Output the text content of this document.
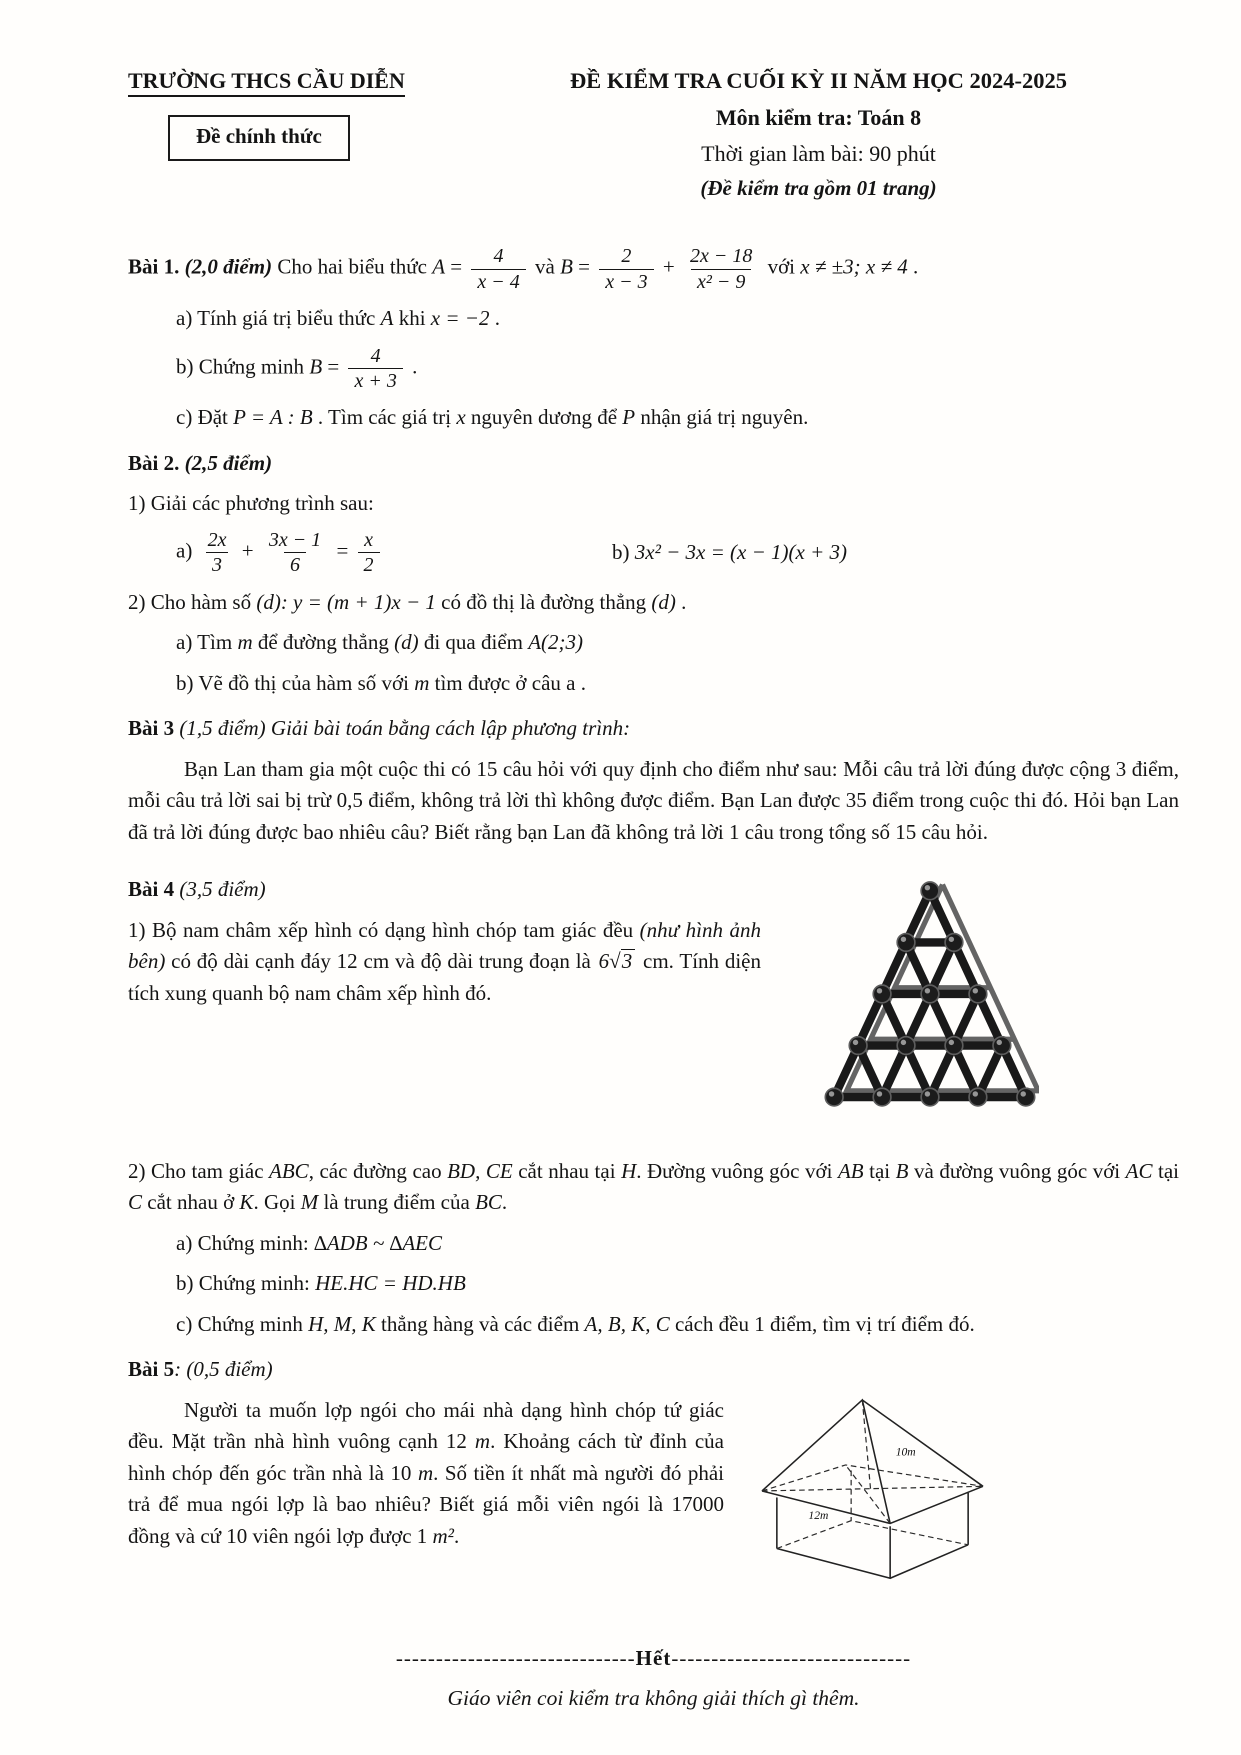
TRƯỜNG THCS CẦU DIỄN
Đề chính thức
ĐỀ KIỂM TRA CUỐI KỲ II NĂM HỌC 2024-2025
Môn kiểm tra: Toán 8
Thời gian làm bài: 90 phút
(Đề kiểm tra gồm 01 trang)
Bài 1. (2,0 điểm) Cho hai biểu thức $A = \frac{4}{x - 4}$ và $B = \frac{2}{x - 3} + \frac{2x - 18}{\text{x² − 9}}$ với x ≠ ±3; x ≠ 4 .
a) Tính giá trị biểu thức A khi x = −2 .
b) Chứng minh $B = \frac{4}{x + 3}$ .
c) Đặt P = A : B . Tìm các giá trị x nguyên dương để P nhận giá trị nguyên.
Bài 2. (2,5 điểm)
1) Giải các phương trình sau:
$a) \frac{2x}{3} + \frac{3x - 1}{6} = \frac{x}{2}$	b) 3x² − 3x = (x − 1)(x + 3)
2) Cho hàm số (d): y = (m + 1)x − 1 có đồ thị là đường thẳng (d) .
a) Tìm m để đường thẳng (d) đi qua điểm A(2;3)
b) Vẽ đồ thị của hàm số với m tìm được ở câu a .
Bài 3 (1,5 điểm) Giải bài toán bằng cách lập phương trình:
Bạn Lan tham gia một cuộc thi có 15 câu hỏi với quy định cho điểm như sau: Mỗi câu trả lời đúng được cộng 3 điểm, mỗi câu trả lời sai bị trừ 0,5 điểm, không trả lời thì không được điểm. Bạn Lan được 35 điểm trong cuộc thi đó. Hỏi bạn Lan đã trả lời đúng được bao nhiêu câu? Biết rằng bạn Lan đã không trả lời 1 câu trong tổng số 15 câu hỏi.
Bài 4 (3,5 điểm)
1) Bộ nam châm xếp hình có dạng hình chóp tam giác đều (như hình ảnh bên) có độ dài cạnh đáy 12 cm và độ dài trung đoạn là 6 √ 3 cm. Tính diện tích xung quanh bộ nam châm xếp hình đó.
2) Cho tam giác ABC, các đường cao BD, CE cắt nhau tại H. Đường vuông góc với AB tại B và đường vuông góc với AC tại C cắt nhau ở K. Gọi M là trung điểm của BC.
a) Chứng minh: ∆ADB ~ ∆AEC
b) Chứng minh: HE.HC = HD.HB
c) Chứng minh H, M, K thẳng hàng và các điểm A, B, K, C cách đều 1 điểm, tìm vị trí điểm đó.
Bài 5: (0,5 điểm)
10m
12m
Người ta muốn lợp ngói cho mái nhà dạng hình chóp tứ giác đều. Mặt trần nhà hình vuông cạnh 12 m. Khoảng cách từ đỉnh của hình chóp đến góc trần nhà là 10 m. Số tiền ít nhất mà người đó phải trả để mua ngói lợp là bao nhiêu? Biết giá mỗi viên ngói là 17000 đồng và cứ 10 viên ngói lợp được 1 m².
------------------------------Hết------------------------------
Giáo viên coi kiểm tra không giải thích gì thêm.
